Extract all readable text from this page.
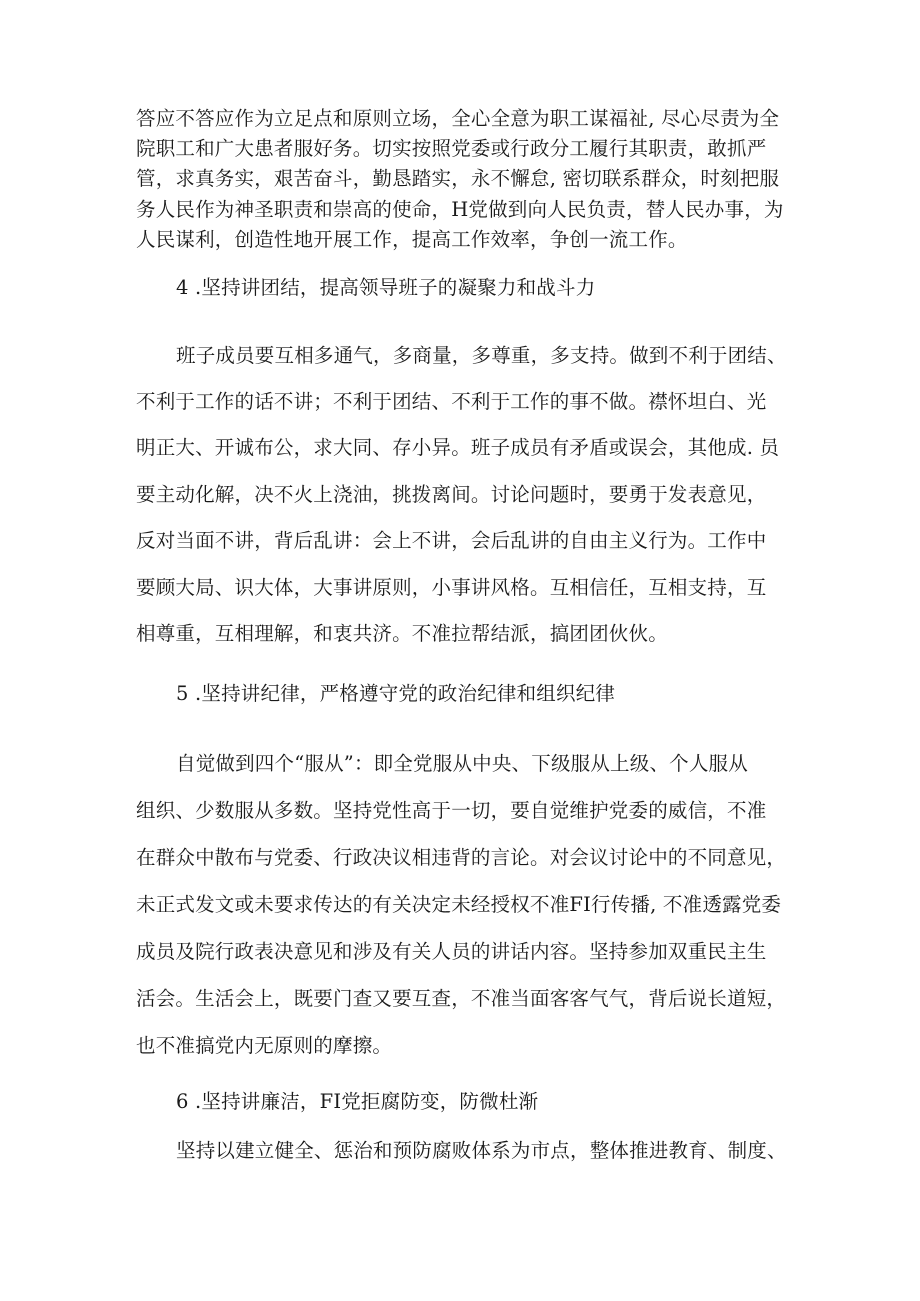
答应不答应作为立足点和原则立场，全心全意为职工谋福祉, 尽心尽责为全
院职工和广大患者服好务。切实按照党委或行政分工履行其职责，敢抓严
管，求真务实，艰苦奋斗，勤恳踏实，永不懈怠, 密切联系群众，时刻把服
务人民作为神圣职责和崇高的使命，H党做到向人民负责，替人民办事，为
人民谋利，创造性地开展工作，提高工作效率，争创一流工作。
4 .坚持讲团结，提高领导班子的凝聚力和战斗力
班子成员要互相多通气，多商量，多尊重，多支持。做到不利于团结、
不利于工作的话不讲；不利于团结、不利于工作的事不做。襟怀坦白、光
明正大、开诚布公，求大同、存小异。班子成员有矛盾或误会，其他成. 员
要主动化解，决不火上浇油，挑拨离间。讨论问题时，要勇于发表意见，
反对当面不讲，背后乱讲：会上不讲，会后乱讲的自由主义行为。工作中
要顾大局、识大体，大事讲原则，小事讲风格。互相信任，互相支持，互
相尊重，互相理解，和衷共济。不准拉帮结派，搞团团伙伙。
5 .坚持讲纪律，严格遵守党的政治纪律和组织纪律
自觉做到四个“服从”：即全党服从中央、下级服从上级、个人服从
组织、少数服从多数。坚持党性高于一切，要自觉维护党委的威信，不准
在群众中散布与党委、行政决议相违背的言论。对会议讨论中的不同意见，
未正式发文或未要求传达的有关决定未经授权不准FI行传播, 不准透露党委
成员及院行政表决意见和涉及有关人员的讲话内容。坚持参加双重民主生
活会。生活会上，既要门查又要互查，不准当面客客气气，背后说长道短，
也不准搞党内无原则的摩擦。
6 .坚持讲廉洁，FI党拒腐防变，防微杜渐
坚持以建立健全、惩治和预防腐败体系为市点，整体推进教育、制度、
